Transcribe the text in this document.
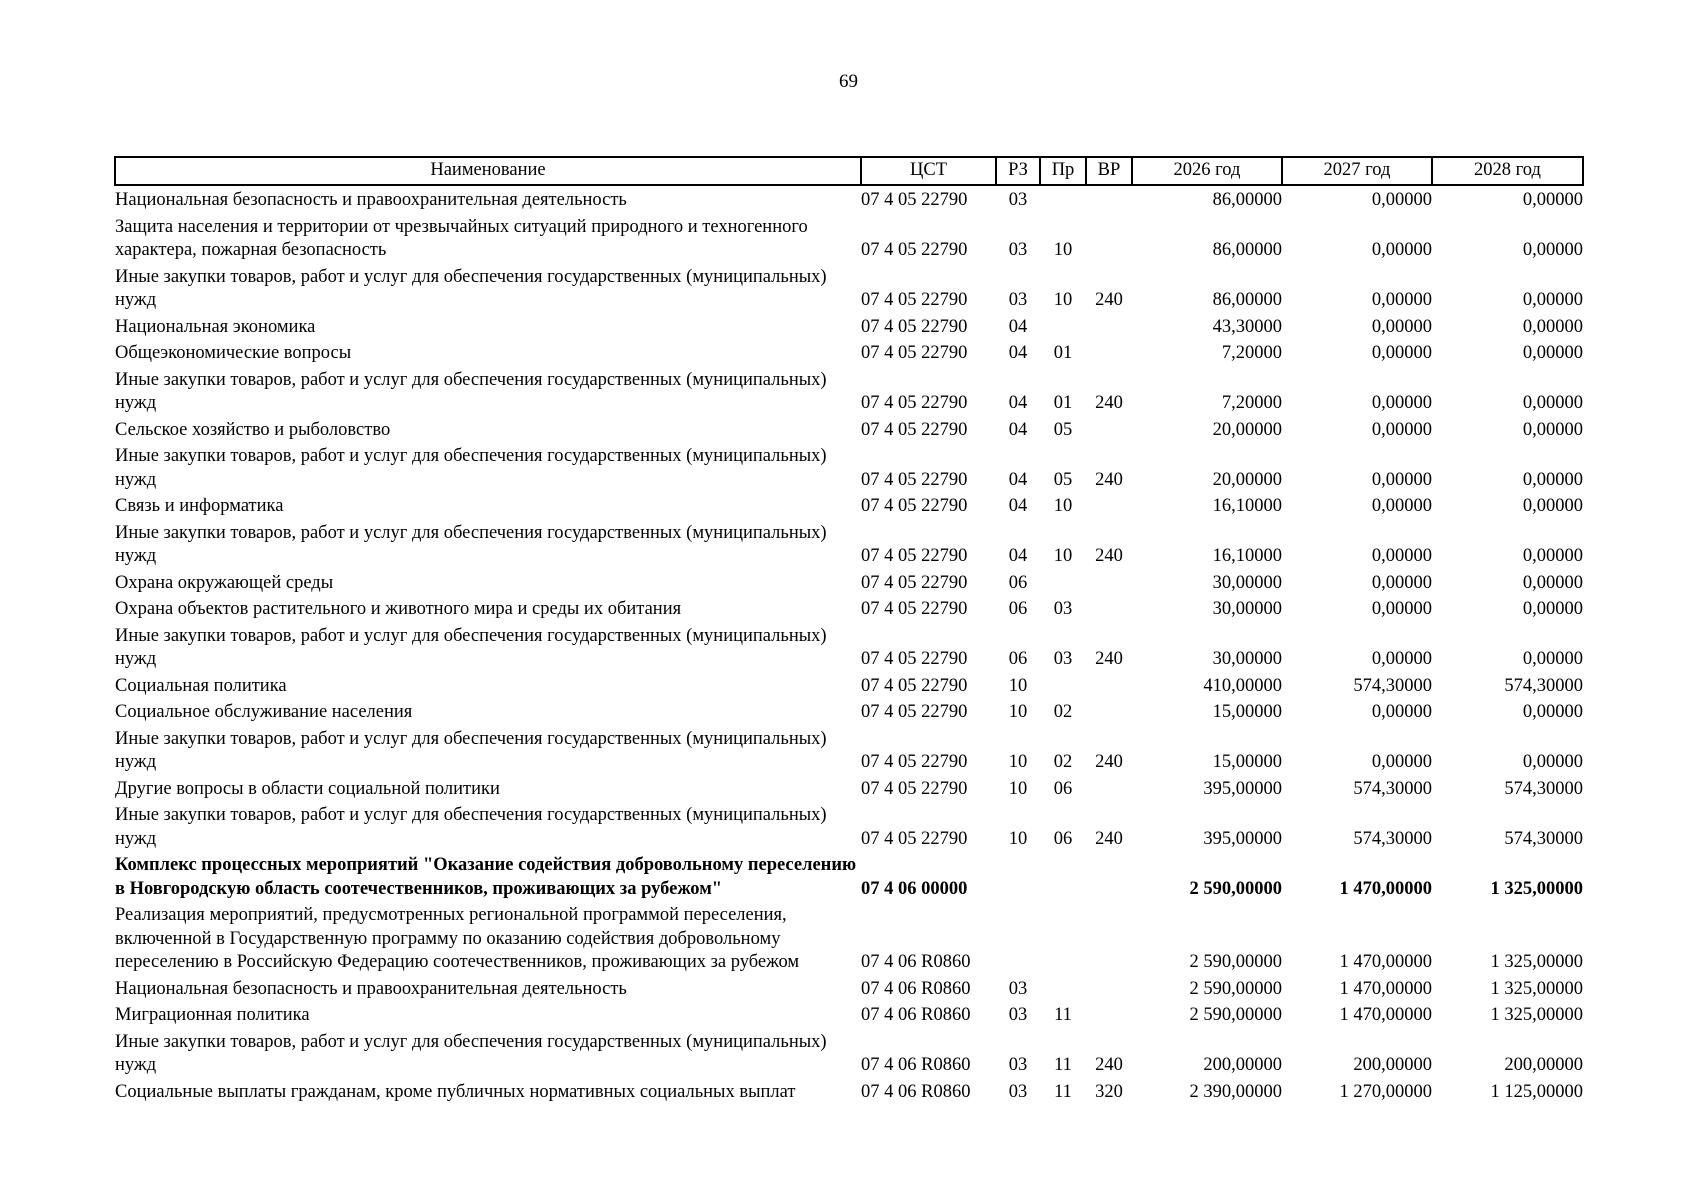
69
Наименование	ЦСТ	РЗ	Пр	ВР	2026 год	2027 год	2028 год
Национальная безопасность и правоохранительная деятельность	07 4 05 22790	03			86,00000	0,00000	0,00000
Защита населения и территории от чрезвычайных ситуаций природного и техногенного характера, пожарная безопасность	07 4 05 22790	03	10		86,00000	0,00000	0,00000
Иные закупки товаров, работ и услуг для обеспечения государственных (муниципальных) нужд	07 4 05 22790	03	10	240	86,00000	0,00000	0,00000
Национальная экономика	07 4 05 22790	04			43,30000	0,00000	0,00000
Общеэкономические вопросы	07 4 05 22790	04	01		7,20000	0,00000	0,00000
Иные закупки товаров, работ и услуг для обеспечения государственных (муниципальных) нужд	07 4 05 22790	04	01	240	7,20000	0,00000	0,00000
Сельское хозяйство и рыболовство	07 4 05 22790	04	05		20,00000	0,00000	0,00000
Иные закупки товаров, работ и услуг для обеспечения государственных (муниципальных) нужд	07 4 05 22790	04	05	240	20,00000	0,00000	0,00000
Связь и информатика	07 4 05 22790	04	10		16,10000	0,00000	0,00000
Иные закупки товаров, работ и услуг для обеспечения государственных (муниципальных) нужд	07 4 05 22790	04	10	240	16,10000	0,00000	0,00000
Охрана окружающей среды	07 4 05 22790	06			30,00000	0,00000	0,00000
Охрана объектов растительного и животного мира и среды их обитания	07 4 05 22790	06	03		30,00000	0,00000	0,00000
Иные закупки товаров, работ и услуг для обеспечения государственных (муниципальных) нужд	07 4 05 22790	06	03	240	30,00000	0,00000	0,00000
Социальная политика	07 4 05 22790	10			410,00000	574,30000	574,30000
Социальное обслуживание населения	07 4 05 22790	10	02		15,00000	0,00000	0,00000
Иные закупки товаров, работ и услуг для обеспечения государственных (муниципальных) нужд	07 4 05 22790	10	02	240	15,00000	0,00000	0,00000
Другие вопросы в области социальной политики	07 4 05 22790	10	06		395,00000	574,30000	574,30000
Иные закупки товаров, работ и услуг для обеспечения государственных (муниципальных) нужд	07 4 05 22790	10	06	240	395,00000	574,30000	574,30000
Комплекс процессных мероприятий "Оказание содействия добровольному переселению в Новгородскую область соотечественников, проживающих за рубежом"	07 4 06 00000				2 590,00000	1 470,00000	1 325,00000
Реализация мероприятий, предусмотренных региональной программой переселения, включенной в Государственную программу по оказанию содействия добровольному переселению в Российскую Федерацию соотечественников, проживающих за рубежом	07 4 06 R0860				2 590,00000	1 470,00000	1 325,00000
Национальная безопасность и правоохранительная деятельность	07 4 06 R0860	03			2 590,00000	1 470,00000	1 325,00000
Миграционная политика	07 4 06 R0860	03	11		2 590,00000	1 470,00000	1 325,00000
Иные закупки товаров, работ и услуг для обеспечения государственных (муниципальных) нужд	07 4 06 R0860	03	11	240	200,00000	200,00000	200,00000
Социальные выплаты гражданам, кроме публичных нормативных социальных выплат	07 4 06 R0860	03	11	320	2 390,00000	1 270,00000	1 125,00000
